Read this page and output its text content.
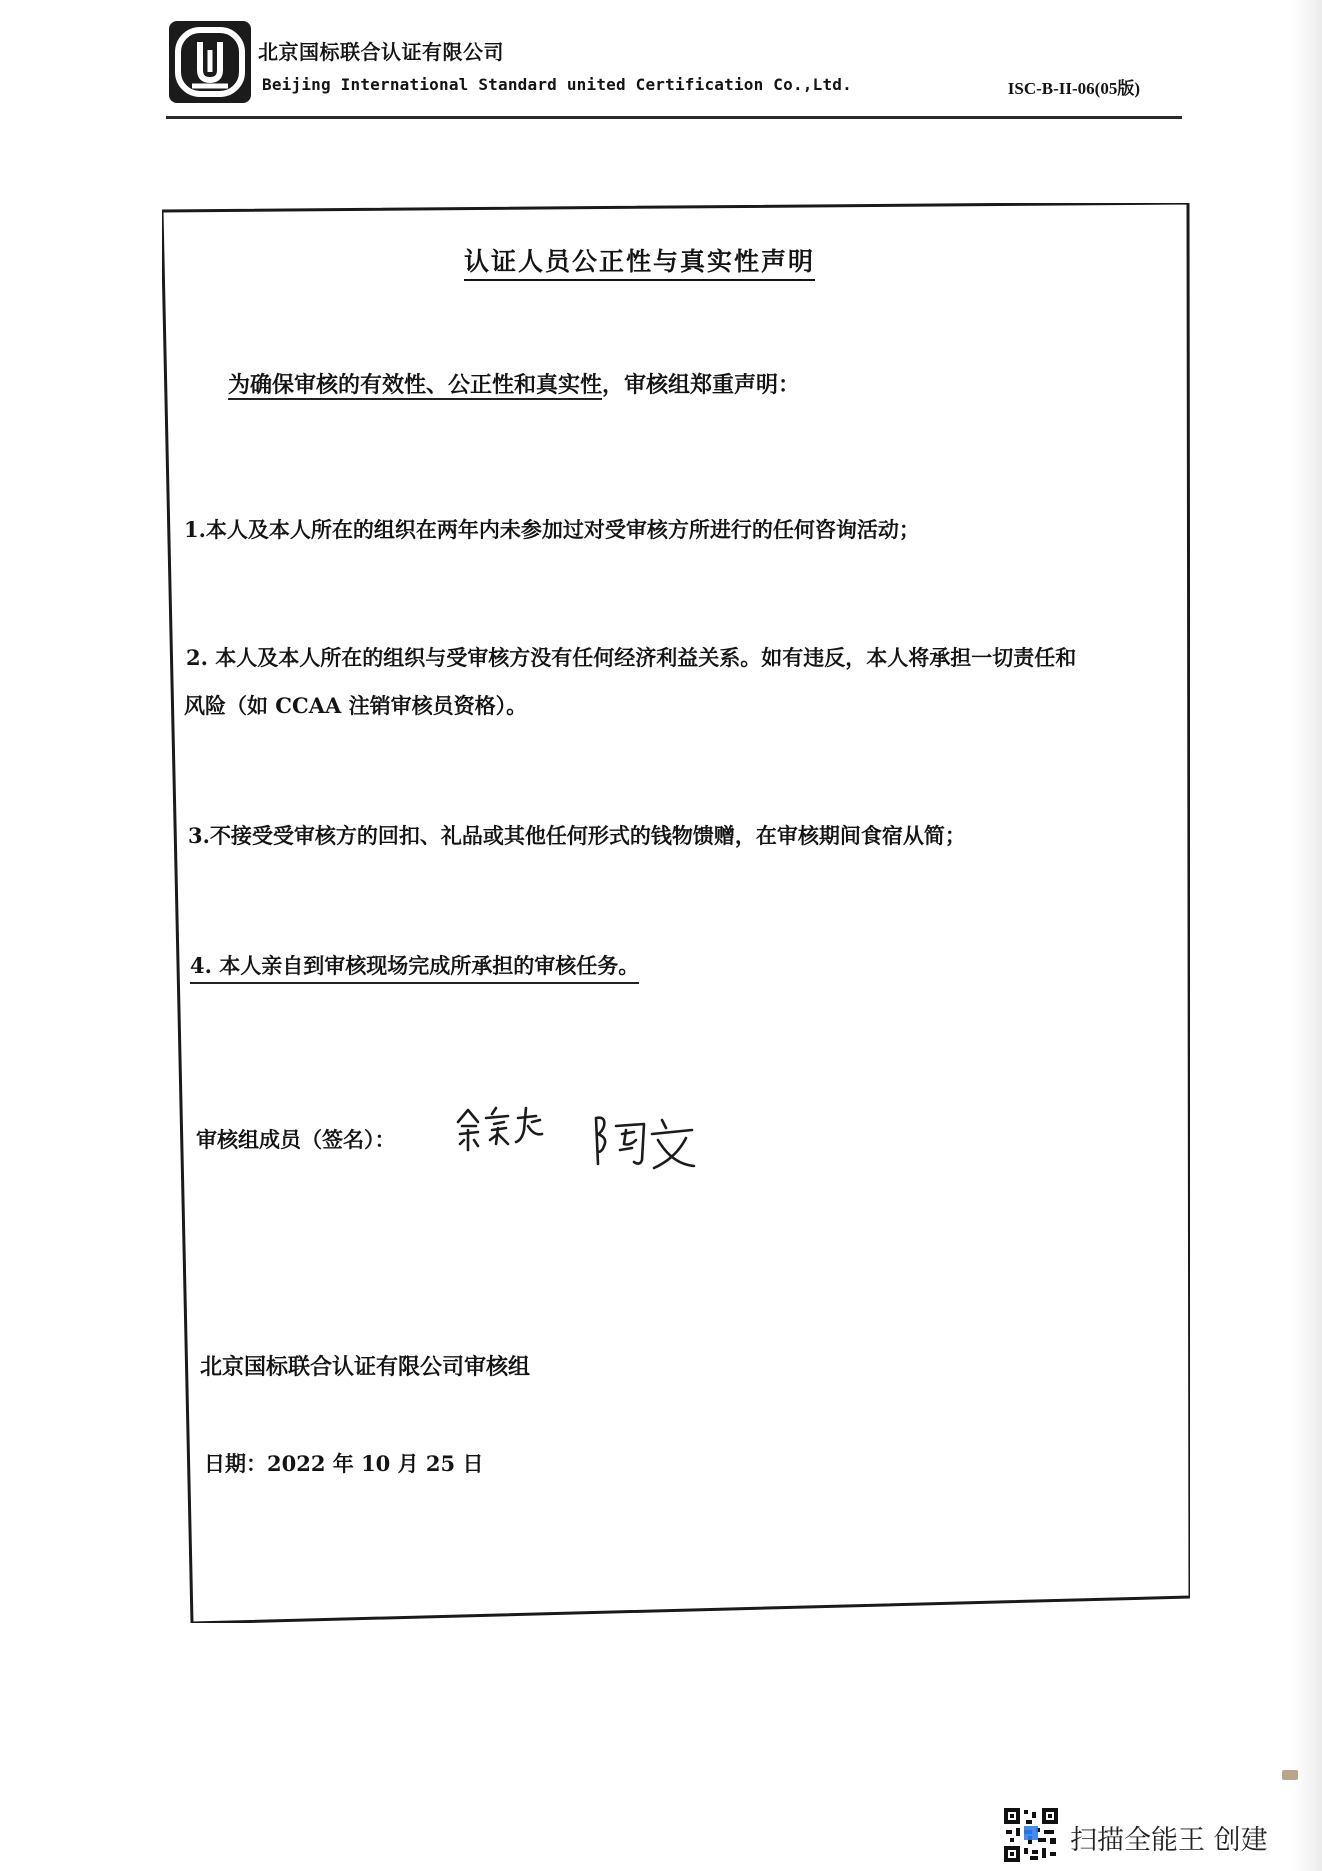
北京国标联合认证有限公司
Beijing International Standard united Certification Co.,Ltd.	ISC-B-II-06(05版)
认证人员公正性与真实性声明
为确保审核的有效性、公正性和真实性，审核组郑重声明：
1.本人及本人所在的组织在两年内未参加过对受审核方所进行的任何咨询活动；
2. 本人及本人所在的组织与受审核方没有任何经济利益关系。如有违反，本人将承担一切责任和
风险（如 CCAA 注销审核员资格）。
3.不接受受审核方的回扣、礼品或其他任何形式的钱物馈赠，在审核期间食宿从简；
4. 本人亲自到审核现场完成所承担的审核任务。
审核组成员（签名）：
北京国标联合认证有限公司审核组
日期：2022 年 10 月 25 日
扫描全能王 创建
